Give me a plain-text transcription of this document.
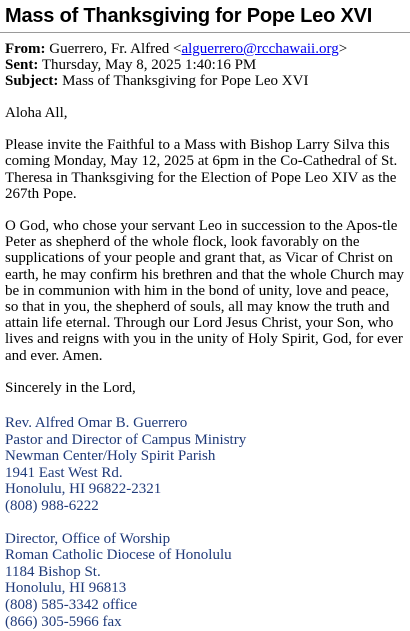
Mass of Thanksgiving for Pope Leo XVI
From: Guerrero, Fr. Alfred <alguerrero@rcchawaii.org>
Sent: Thursday, May 8, 2025 1:40:16 PM
Subject: Mass of Thanksgiving for Pope Leo XVI

Aloha All,

Please invite the Faithful to a Mass with Bishop Larry Silva this coming Monday, May 12, 2025 at 6pm in the Co-Cathedral of St. Theresa in Thanksgiving for the Election of Pope Leo XIV as the 267th Pope.

O God, who chose your servant Leo in succession to the Apos-tle Peter as shepherd of the whole flock, look favorably on the supplications of your people and grant that, as Vicar of Christ on earth, he may confirm his brethren and that the whole Church may be in communion with him in the bond of unity, love and peace, so that in you, the shepherd of souls, all may know the truth and attain life eternal. Through our Lord Jesus Christ, your Son, who lives and reigns with you in the unity of Holy Spirit, God, for ever and ever. Amen.

Sincerely in the Lord,

Rev. Alfred Omar B. Guerrero
Pastor and Director of Campus Ministry
Newman Center/Holy Spirit Parish
1941 East West Rd.
Honolulu, HI 96822-2321
(808) 988-6222
Director, Office of Worship
Roman Catholic Diocese of Honolulu
1184 Bishop St.
Honolulu, HI 96813
(808) 585-3342 office
(866) 305-5966 fax
